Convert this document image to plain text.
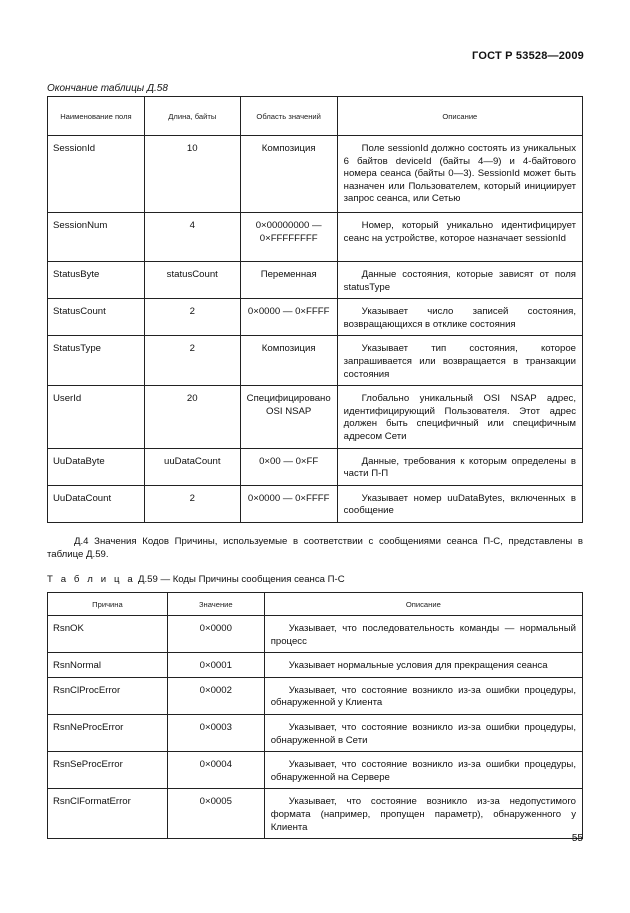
ГОСТ Р 53528—2009
Окончание таблицы Д.58
Наименование поля	Длина, байты	Область значений	Описание
SessionId	10	Композиция	Поле sessionId должно состоять из уникальных 6 байтов deviceId (байты 4—9) и 4-байтового номера сеанса (байты 0—3). SessionId может быть назначен или Пользователем, который инициирует запрос сеанса, или Сетью
SessionNum	4	0×00000000 — 0×FFFFFFFF	Номер, который уникально идентифицирует сеанс на устройстве, которое назначает sessionId
StatusByte	statusCount	Переменная	Данные состояния, которые зависят от поля statusType
StatusCount	2	0×0000 — 0×FFFF	Указывает число записей состояния, возвращающихся в отклике состояния
StatusType	2	Композиция	Указывает тип состояния, которое запрашивается или возвращается в транзакции состояния
UserId	20	Специфицировано OSI NSAP	Глобально уникальный OSI NSAP адрес, идентифицирующий Пользователя. Этот адрес должен быть специфичный или специфичным адресом Сети
UuDataByte	uuDataCount	0×00 — 0×FF	Данные, требования к которым определены в части П-П
UuDataCount	2	0×0000 — 0×FFFF	Указывает номер uuDataBytes, включенных в сообщение
Д.4 Значения Кодов Причины, используемые в соответствии с сообщениями сеанса П-С, представлены в таблице Д.59.
Т а б л и ц а Д.59 — Коды Причины сообщения сеанса П-С
Причина	Значение	Описание
RsnOK	0×0000	Указывает, что последовательность команды — нормальный процесс
RsnNormal	0×0001	Указывает нормальные условия для прекращения сеанса
RsnClProcError	0×0002	Указывает, что состояние возникло из-за ошибки процедуры, обнаруженной у Клиента
RsnNeProcError	0×0003	Указывает, что состояние возникло из-за ошибки процедуры, обнаруженной в Сети
RsnSeProcError	0×0004	Указывает, что состояние возникло из-за ошибки процедуры, обнаруженной на Сервере
RsnClFormatError	0×0005	Указывает, что состояние возникло из-за недопустимого формата (например, пропущен параметр), обнаруженного у Клиента
55
